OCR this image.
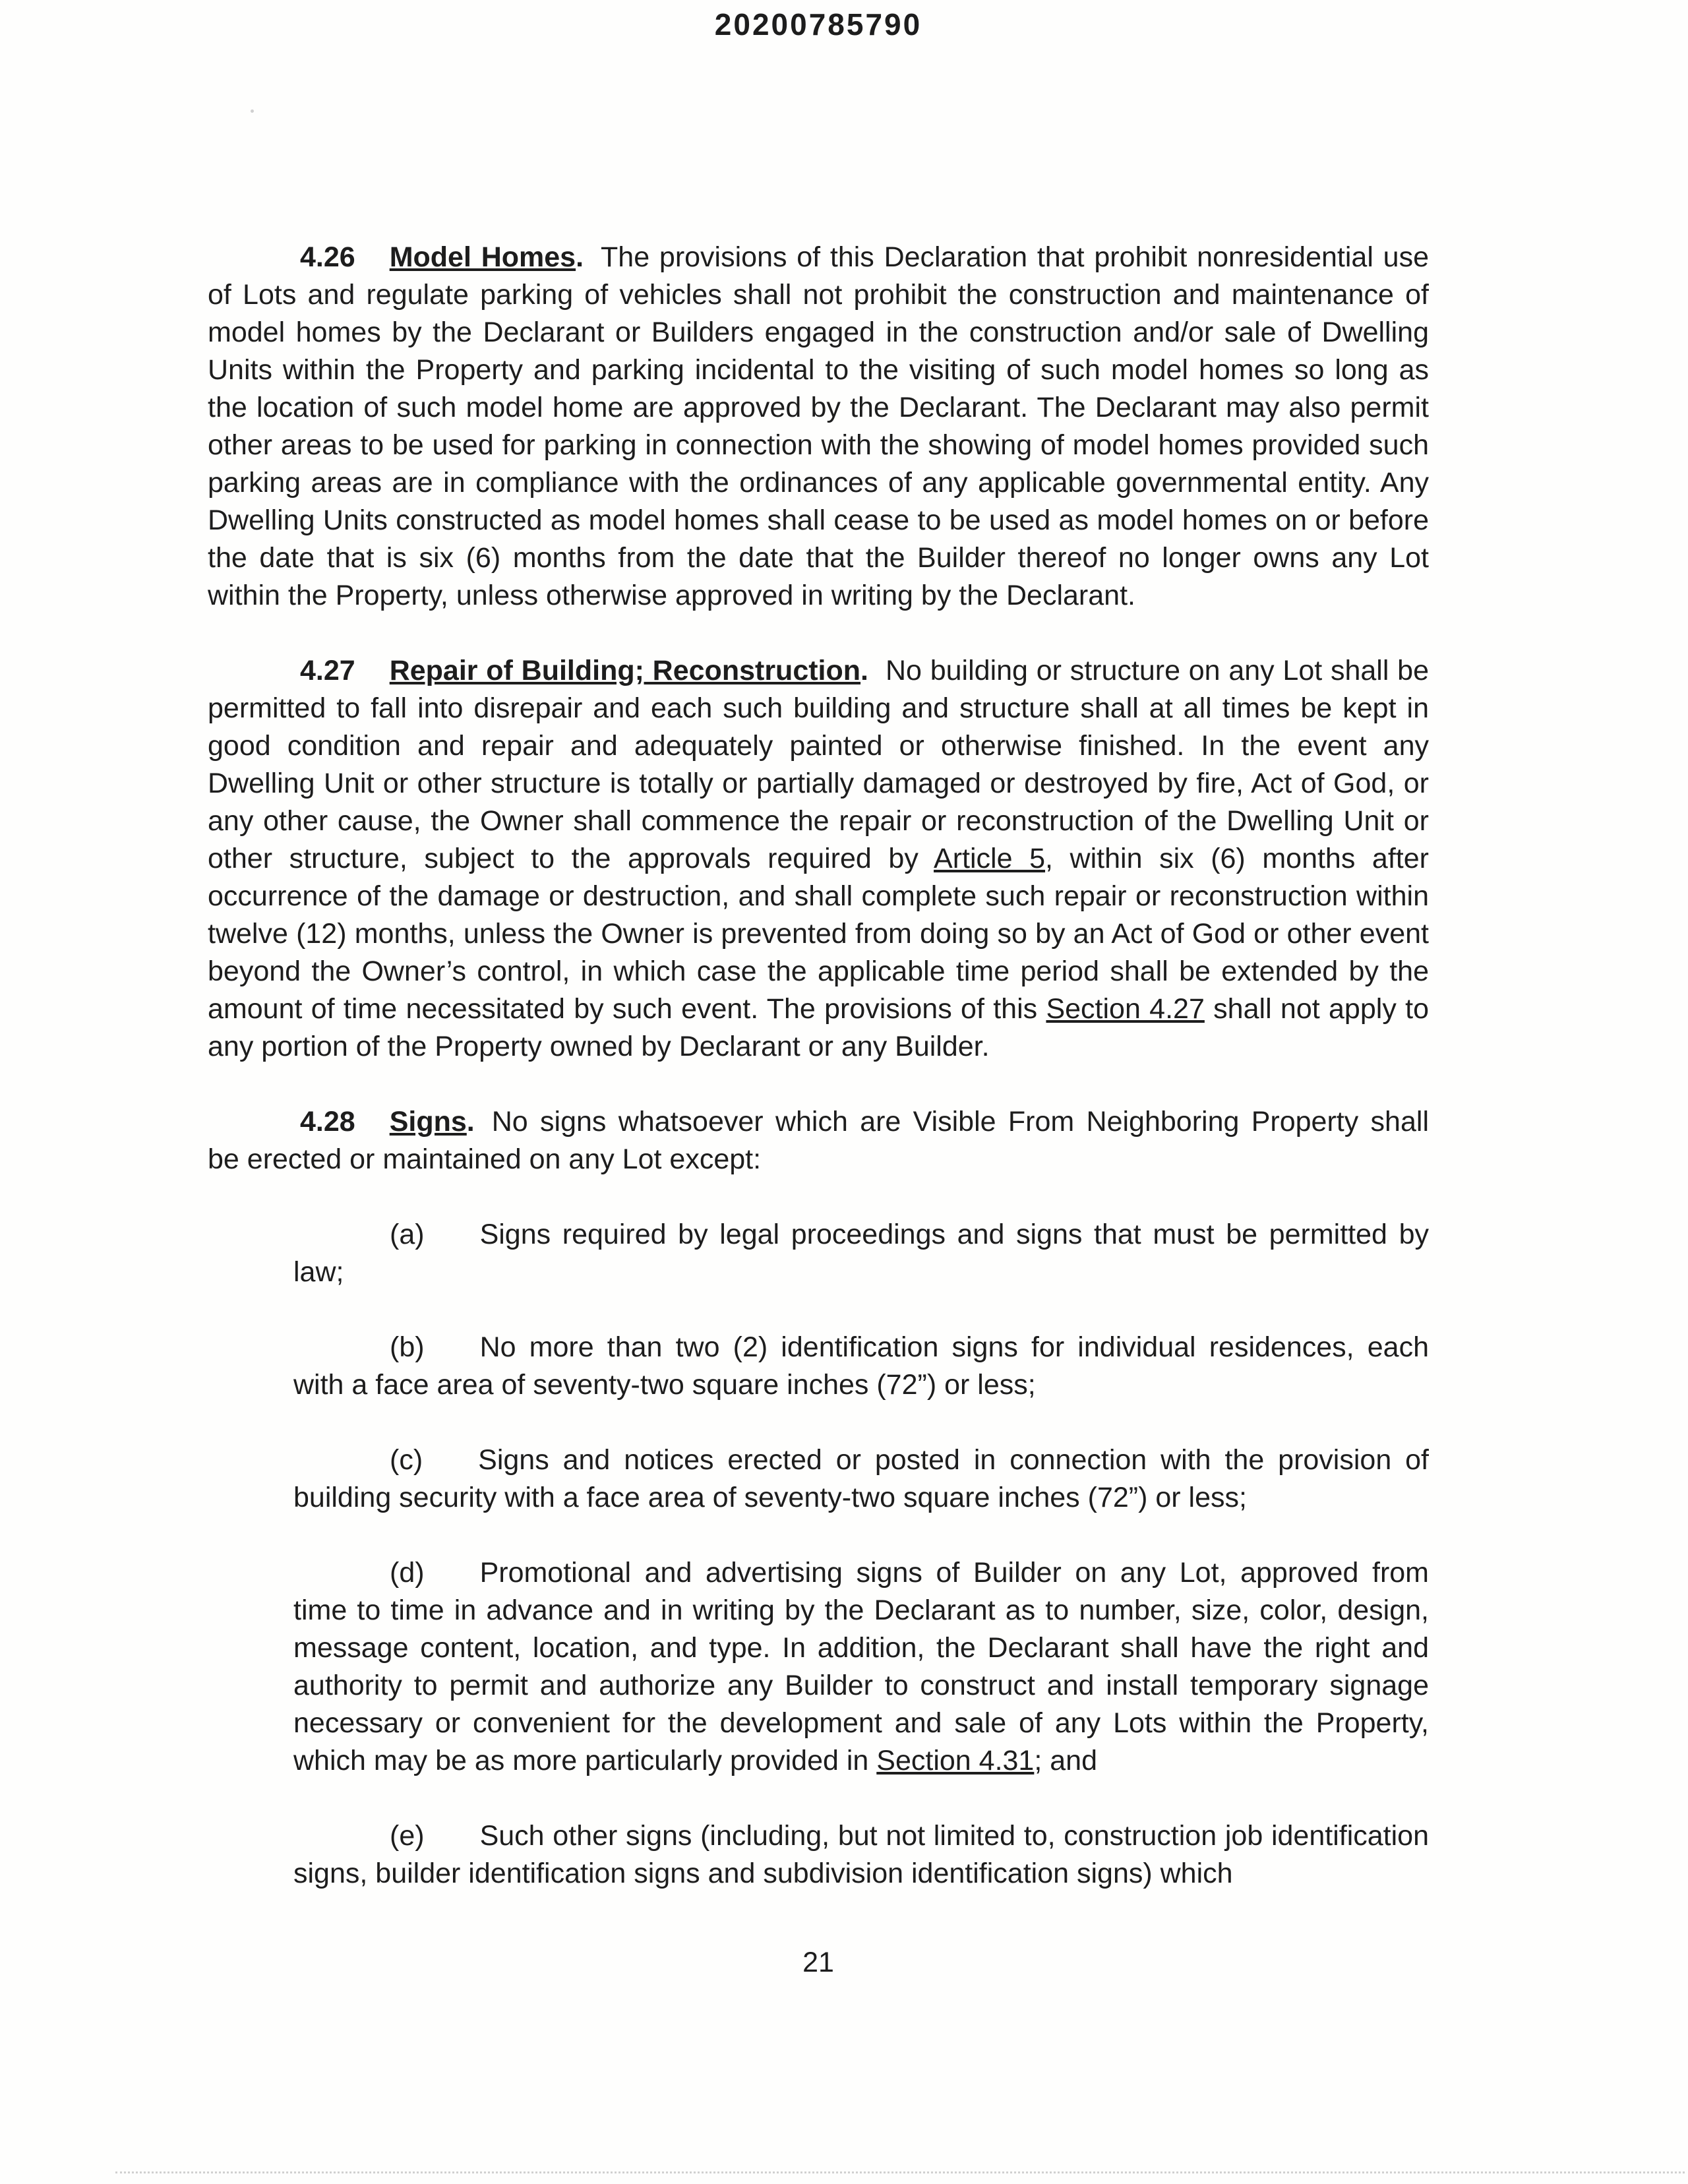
20200785790

4.26 Model Homes. The provisions of this Declaration that prohibit nonresidential use of Lots and regulate parking of vehicles shall not prohibit the construction and maintenance of model homes by the Declarant or Builders engaged in the construction and/or sale of Dwelling Units within the Property and parking incidental to the visiting of such model homes so long as the location of such model home are approved by the Declarant. The Declarant may also permit other areas to be used for parking in connection with the showing of model homes provided such parking areas are in compliance with the ordinances of any applicable governmental entity. Any Dwelling Units constructed as model homes shall cease to be used as model homes on or before the date that is six (6) months from the date that the Builder thereof no longer owns any Lot within the Property, unless otherwise approved in writing by the Declarant.

4.27 Repair of Building; Reconstruction. No building or structure on any Lot shall be permitted to fall into disrepair and each such building and structure shall at all times be kept in good condition and repair and adequately painted or otherwise finished. In the event any Dwelling Unit or other structure is totally or partially damaged or destroyed by fire, Act of God, or any other cause, the Owner shall commence the repair or reconstruction of the Dwelling Unit or other structure, subject to the approvals required by Article 5, within six (6) months after occurrence of the damage or destruction, and shall complete such repair or reconstruction within twelve (12) months, unless the Owner is prevented from doing so by an Act of God or other event beyond the Owner’s control, in which case the applicable time period shall be extended by the amount of time necessitated by such event. The provisions of this Section 4.27 shall not apply to any portion of the Property owned by Declarant or any Builder.

4.28 Signs. No signs whatsoever which are Visible From Neighboring Property shall be erected or maintained on any Lot except:

(a) Signs required by legal proceedings and signs that must be permitted by law;

(b) No more than two (2) identification signs for individual residences, each with a face area of seventy-two square inches (72”) or less;

(c) Signs and notices erected or posted in connection with the provision of building security with a face area of seventy-two square inches (72”) or less;

(d) Promotional and advertising signs of Builder on any Lot, approved from time to time in advance and in writing by the Declarant as to number, size, color, design, message content, location, and type. In addition, the Declarant shall have the right and authority to permit and authorize any Builder to construct and install temporary signage necessary or convenient for the development and sale of any Lots within the Property, which may be as more particularly provided in Section 4.31; and

(e) Such other signs (including, but not limited to, construction job identification signs, builder identification signs and subdivision identification signs) which

21
